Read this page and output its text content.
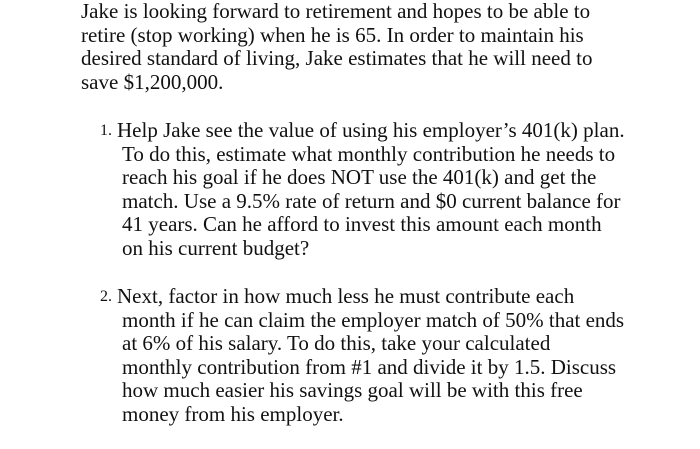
Jake is looking forward to retirement and hopes to be able to
retire (stop working) when he is 65. In order to maintain his
desired standard of living, Jake estimates that he will need to
save $1,200,000.
1. Help Jake see the value of using his employer’s 401(k) plan.
To do this, estimate what monthly contribution he needs to
reach his goal if he does NOT use the 401(k) and get the
match. Use a 9.5% rate of return and $0 current balance for
41 years. Can he afford to invest this amount each month
on his current budget?
2. Next, factor in how much less he must contribute each
month if he can claim the employer match of 50% that ends
at 6% of his salary. To do this, take your calculated
monthly contribution from #1 and divide it by 1.5. Discuss
how much easier his savings goal will be with this free
money from his employer.
